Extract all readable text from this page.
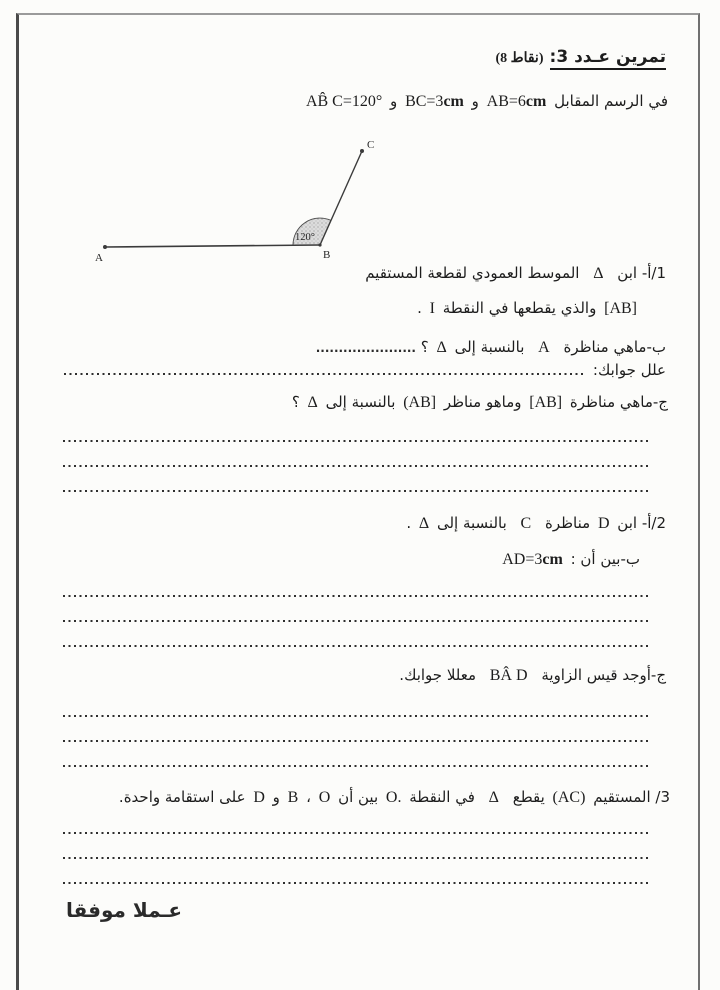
تمرين عـدد 3:(8 نقاط)
في الرسم المقابل AB=6cm و BC=3cm و AB̂ C=120°
A	B
C
120°
1/أ- ابن Δ الموسط العمودي لقطعة المستقيم
[AB] والذي يقطعها في النقطة I .
ب-ماهي مناظرة A بالنسبة إلى Δ ؟ ......................
علل جوابك:
ج-ماهي مناظرة [AB] وماهو مناظر (AB] بالنسبة إلى Δ ؟
2/أ- ابن D مناظرة C بالنسبة إلى Δ .
ب-بين أن : AD=3cm
ج-أوجد قيس الزاوية BÂ D معللا جوابك.
3/ المستقيم (AC) يقطع Δ في النقطة O. بين أن O ، B و D على استقامة واحدة.
عـملا موفقا
